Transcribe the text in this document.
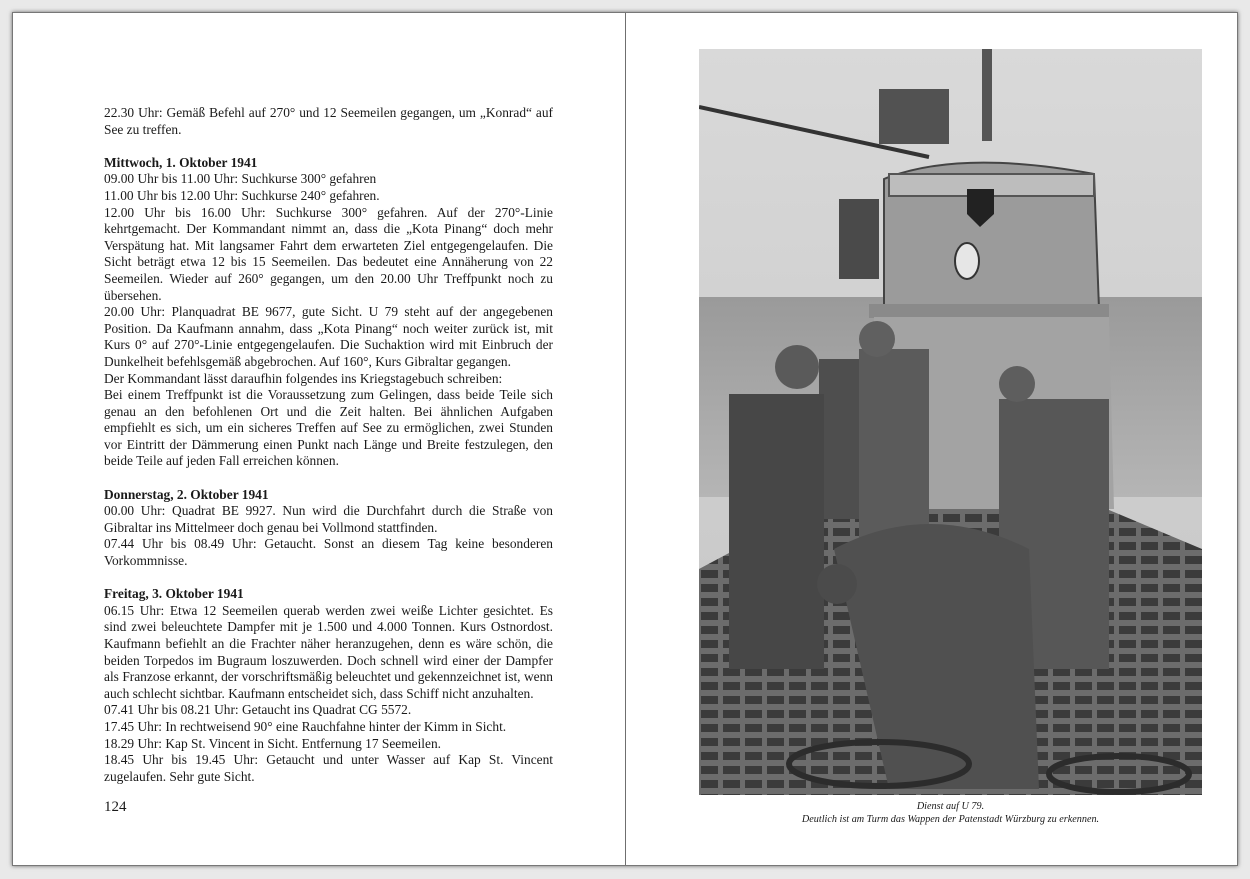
22.30 Uhr: Gemäß Befehl auf 270° und 12 Seemeilen gegangen, um „Konrad“ auf See zu treffen.

Mittwoch, 1. Oktober 1941

09.00 Uhr bis 11.00 Uhr: Suchkurse 300° gefahren

11.00 Uhr bis 12.00 Uhr: Suchkurse 240° gefahren.

12.00 Uhr bis 16.00 Uhr: Suchkurse 300° gefahren. Auf der 270°-Linie kehrtgemacht. Der Kommandant nimmt an, dass die „Kota Pinang“ doch mehr Verspätung hat. Mit langsamer Fahrt dem erwarteten Ziel entgegengelaufen. Die Sicht beträgt etwa 12 bis 15 Seemeilen. Das bedeutet eine Annäherung von 22 Seemeilen. Wieder auf 260° gegangen, um den 20.00 Uhr Treffpunkt noch zu übersehen.

20.00 Uhr: Planquadrat BE 9677, gute Sicht. U 79 steht auf der angegebenen Position. Da Kaufmann annahm, dass „Kota Pinang“ noch weiter zurück ist, mit Kurs 0° auf 270°-Linie entgegengelaufen. Die Suchaktion wird mit Einbruch der Dunkelheit befehlsgemäß abgebrochen. Auf 160°, Kurs Gibraltar gegangen.

Der Kommandant lässt daraufhin folgendes ins Kriegstagebuch schreiben:

Bei einem Treffpunkt ist die Voraussetzung zum Gelingen, dass beide Teile sich genau an den befohlenen Ort und die Zeit halten. Bei ähnlichen Aufgaben empfiehlt es sich, um ein sicheres Treffen auf See zu ermöglichen, zwei Stunden vor Eintritt der Dämmerung einen Punkt nach Länge und Breite festzulegen, den beide Teile auf jeden Fall erreichen können.

Donnerstag, 2. Oktober 1941

00.00 Uhr: Quadrat BE 9927. Nun wird die Durchfahrt durch die Straße von Gibraltar ins Mittelmeer doch genau bei Vollmond stattfinden.

07.44 Uhr bis 08.49 Uhr: Getaucht. Sonst an diesem Tag keine besonderen Vorkommnisse.

Freitag, 3. Oktober 1941

06.15 Uhr: Etwa 12 Seemeilen querab werden zwei weiße Lichter gesichtet. Es sind zwei beleuchtete Dampfer mit je 1.500 und 4.000 Tonnen. Kurs Ostnordost. Kaufmann befiehlt an die Frachter näher heranzugehen, denn es wäre schön, die beiden Torpedos im Bugraum loszuwerden. Doch schnell wird einer der Dampfer als Franzose erkannt, der vorschriftsmäßig beleuchtet und gekennzeichnet ist, wenn auch schlecht sichtbar. Kaufmann entscheidet sich, dass Schiff nicht anzuhalten.

07.41 Uhr bis 08.21 Uhr: Getaucht ins Quadrat CG 5572.

17.45 Uhr: In rechtweisend 90° eine Rauchfahne hinter der Kimm in Sicht.

18.29 Uhr: Kap St. Vincent in Sicht. Entfernung 17 Seemeilen.

18.45 Uhr bis 19.45 Uhr: Getaucht und unter Wasser auf Kap St. Vincent zugelaufen. Sehr gute Sicht.

124	Dienst auf U 79.
Deutlich ist am Turm das Wappen der Patenstadt Würzburg zu erkennen.
